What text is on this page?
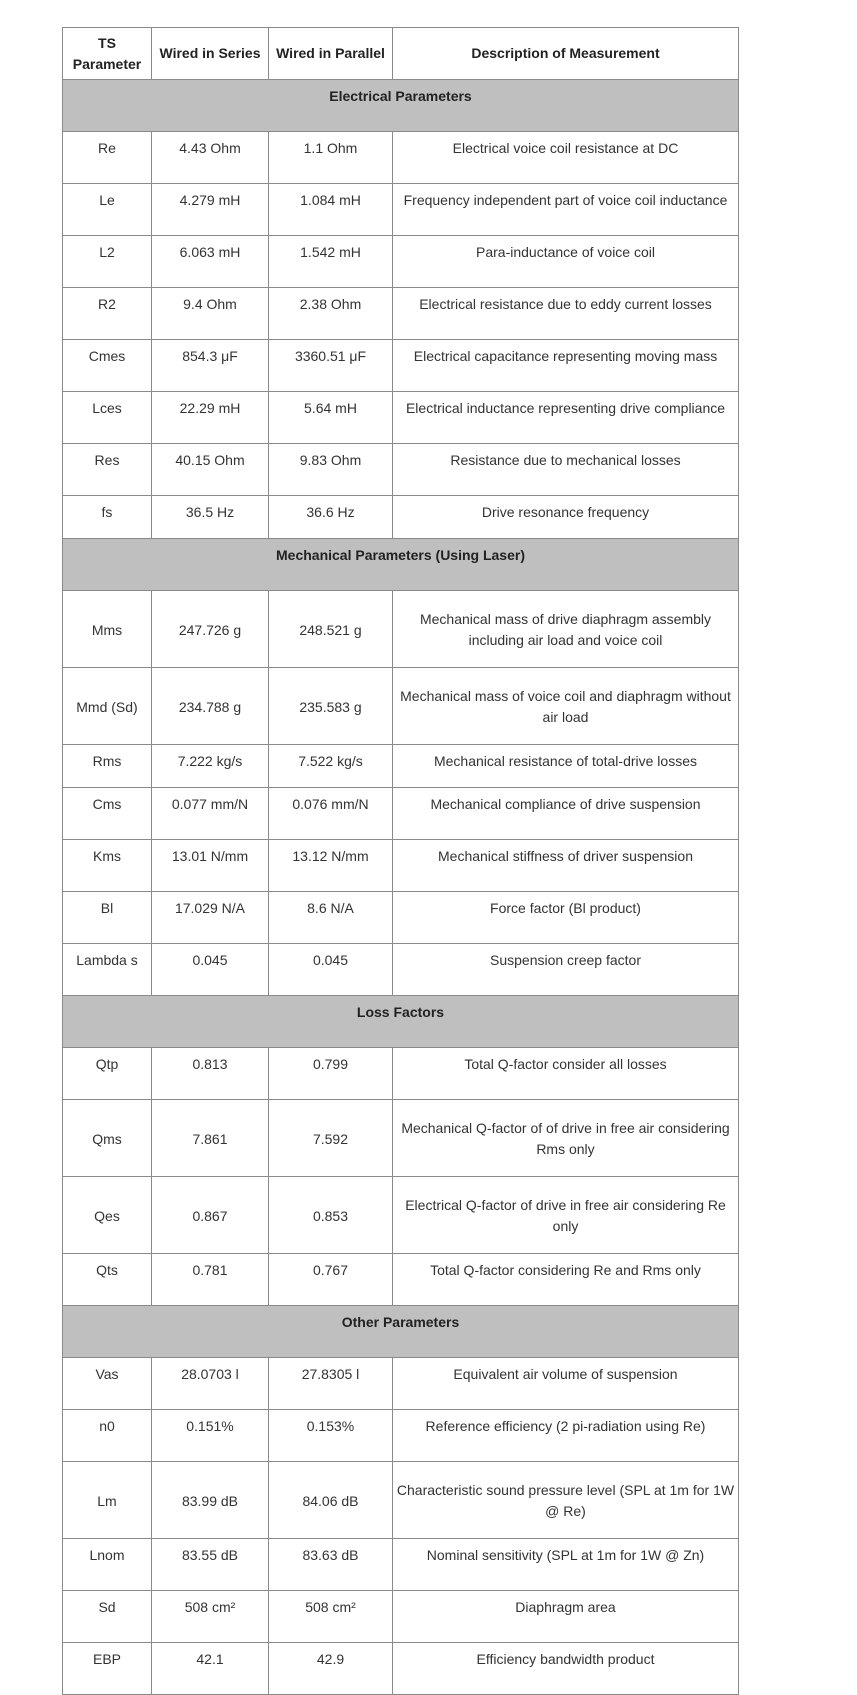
TS Parameter	Wired in Series	Wired in Parallel	Description of Measurement
Electrical Parameters			
Re	4.43 Ohm	1.1 Ohm	Electrical voice coil resistance at DC
Le	4.279 mH	1.084 mH	Frequency independent part of voice coil inductance
L2	6.063 mH	1.542 mH	Para-inductance of voice coil
R2	9.4 Ohm	2.38 Ohm	Electrical resistance due to eddy current losses
Cmes	854.3 μF	3360.51 μF	Electrical capacitance representing moving mass
Lces	22.29 mH	5.64 mH	Electrical inductance representing drive compliance
Res	40.15 Ohm	9.83 Ohm	Resistance due to mechanical losses
fs	36.5 Hz	36.6 Hz	Drive resonance frequency
Mechanical Parameters (Using Laser)			
Mms	247.726 g	248.521 g	Mechanical mass of drive diaphragm assembly including air load and voice coil
Mmd (Sd)	234.788 g	235.583 g	Mechanical mass of voice coil and diaphragm without air load
Rms	7.222 kg/s	7.522 kg/s	Mechanical resistance of total-drive losses
Cms	0.077 mm/N	0.076 mm/N	Mechanical compliance of drive suspension
Kms	13.01 N/mm	13.12 N/mm	Mechanical stiffness of driver suspension
Bl	17.029 N/A	8.6 N/A	Force factor (Bl product)
Lambda s	0.045	0.045	Suspension creep factor
Loss Factors			
Qtp	0.813	0.799	Total Q-factor consider all losses
Qms	7.861	7.592	Mechanical Q-factor of of drive in free air considering Rms only
Qes	0.867	0.853	Electrical Q-factor of drive in free air considering Re only
Qts	0.781	0.767	Total Q-factor considering Re and Rms only
Other Parameters			
Vas	28.0703 l	27.8305 l	Equivalent air volume of suspension
n0	0.151%	0.153%	Reference efficiency (2 pi-radiation using Re)
Lm	83.99 dB	84.06 dB	Characteristic sound pressure level (SPL at 1m for 1W @ Re)
Lnom	83.55 dB	83.63 dB	Nominal sensitivity (SPL at 1m for 1W @ Zn)
Sd	508 cm²	508 cm²	Diaphragm area
EBP	42.1	42.9	Efficiency bandwidth product
